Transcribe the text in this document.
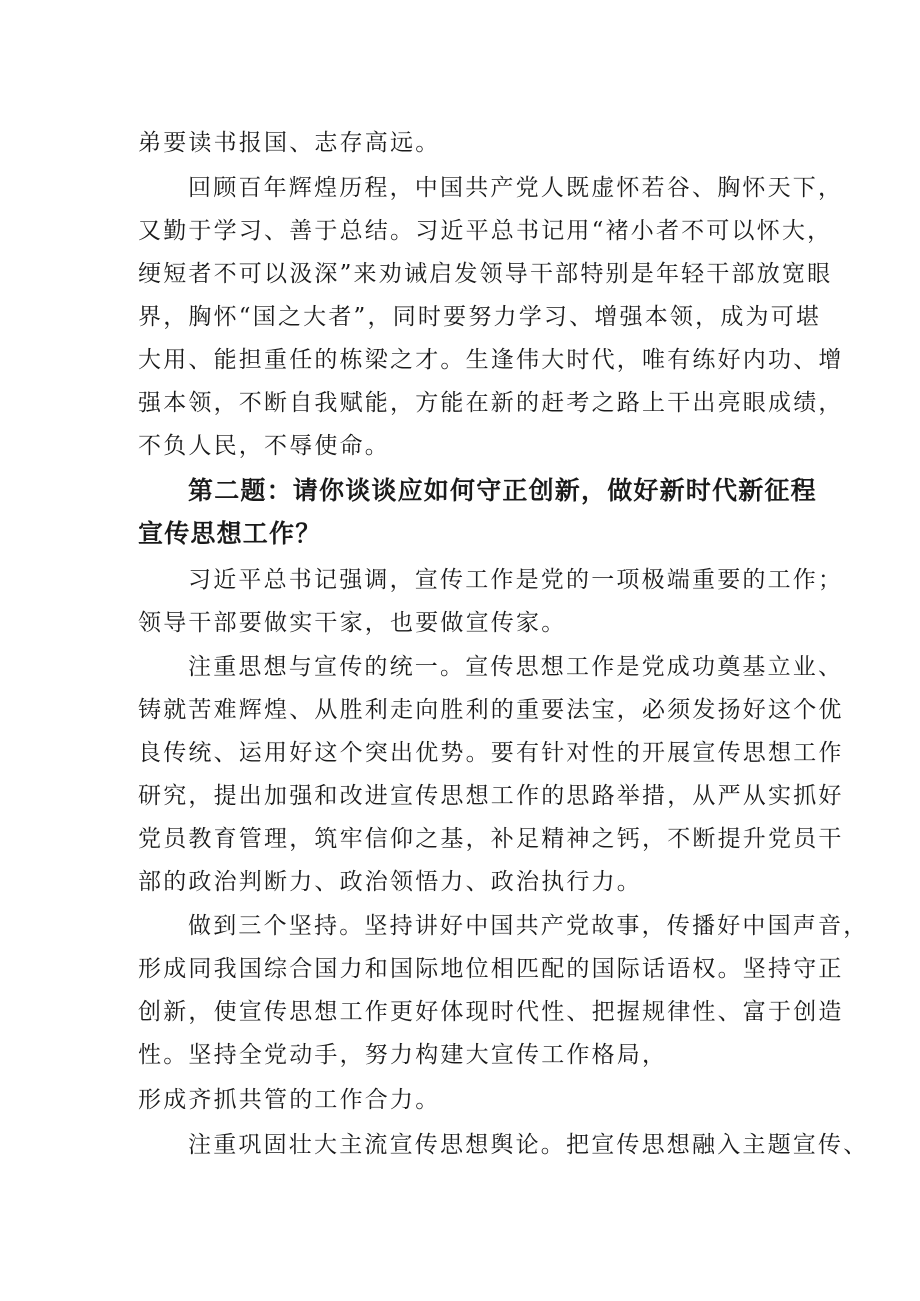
弟要读书报国、志存高远。
回顾百年辉煌历程，中国共产党人既虚怀若谷、胸怀天下，
又勤于学习、善于总结。习近平总书记用“褚小者不可以怀大，
绠短者不可以汲深”来劝诫启发领导干部特别是年轻干部放宽眼
界，胸怀“国之大者”，同时要努力学习、增强本领，成为可堪
大用、能担重任的栋梁之才。生逢伟大时代，唯有练好内功、增
强本领，不断自我赋能，方能在新的赶考之路上干出亮眼成绩，
不负人民，不辱使命。
第二题：请你谈谈应如何守正创新，做好新时代新征程
宣传思想工作？
习近平总书记强调，宣传工作是党的一项极端重要的工作；
领导干部要做实干家，也要做宣传家。
注重思想与宣传的统一。宣传思想工作是党成功奠基立业、
铸就苦难辉煌、从胜利走向胜利的重要法宝，必须发扬好这个优
良传统、运用好这个突出优势。要有针对性的开展宣传思想工作
研究，提出加强和改进宣传思想工作的思路举措，从严从实抓好
党员教育管理，筑牢信仰之基，补足精神之钙，不断提升党员干
部的政治判断力、政治领悟力、政治执行力。
做到三个坚持。坚持讲好中国共产党故事，传播好中国声音，
形成同我国综合国力和国际地位相匹配的国际话语权。坚持守正
创新，使宣传思想工作更好体现时代性、把握规律性、富于创造
性。坚持全党动手，努力构建大宣传工作格局，
形成齐抓共管的工作合力。
注重巩固壮大主流宣传思想舆论。把宣传思想融入主题宣传、
